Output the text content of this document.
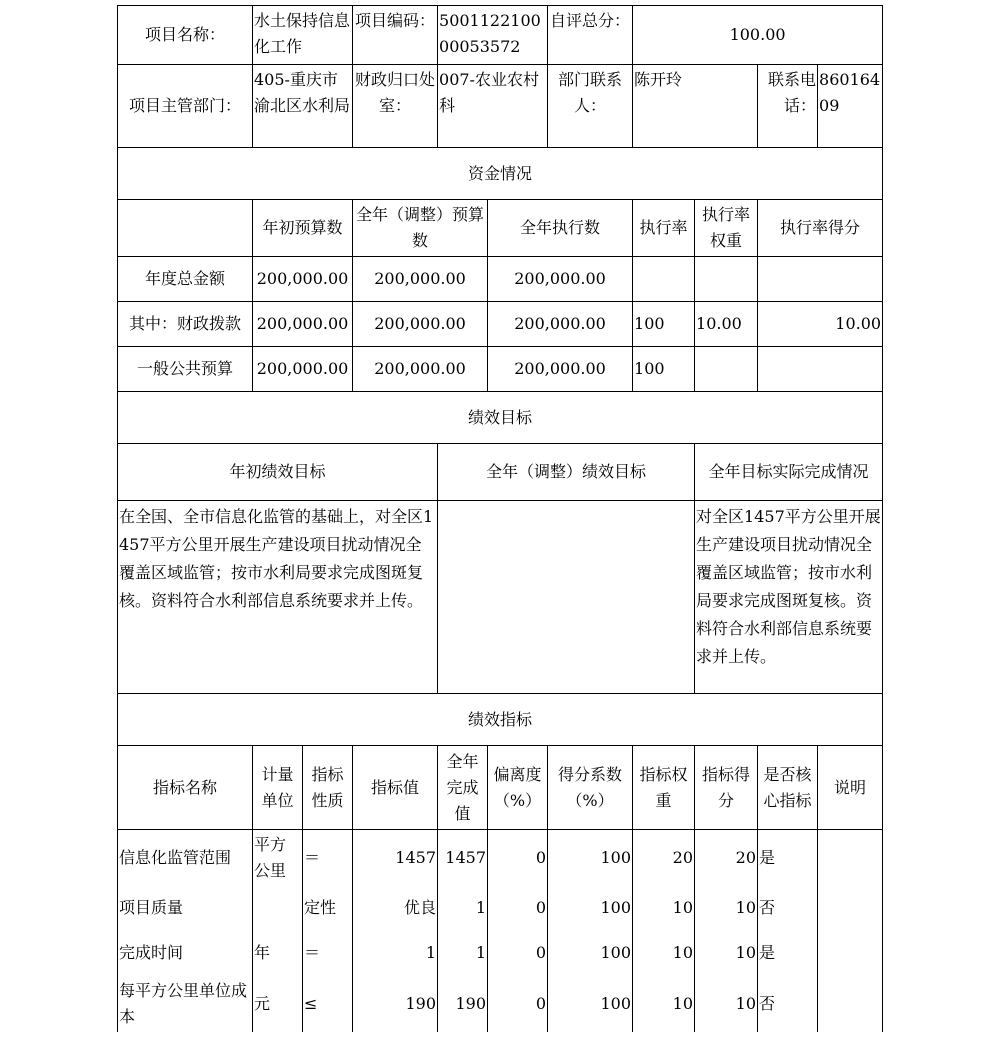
项目名称：	水土保持信息化工作		项目编码：	500112210000053572		自评总分：	100.00			
项目主管部门：	405-重庆市渝北区水利局		财政归口处室：	007-农业农村科		部门联系人：	陈开玲		联系电话：	86016409
资金情况										
	年初预算数		全年（调整）预算数		全年执行数		执行率	执行率权重	执行率得分	
年度总金额	200,000.00		200,000.00		200,000.00					
其中：财政拨款	200,000.00		200,000.00		200,000.00		100	10.00	10.00	
一般公共预算	200,000.00		200,000.00		200,000.00		100			
绩效目标										
年初绩效目标				全年（调整）绩效目标				全年目标实际完成情况		
在全国、全市信息化监管的基础上，对全区1457平方公里开展生产建设项目扰动情况全覆盖区域监管；按市水利局要求完成图斑复核。资料符合水利部信息系统要求并上传。								对全区1457平方公里开展生产建设项目扰动情况全覆盖区域监管；按市水利局要求完成图斑复核。资料符合水利部信息系统要求并上传。		
绩效指标										
指标名称	计量单位	指标性质	指标值	全年完成值	偏离度（%）	得分系数（%）	指标权重	指标得分	是否核心指标	说明
信息化监管范围	平方公里	＝	1457	1457	0	100	20	20	是	
项目质量		定性	优良	1	0	100	10	10	否	
完成时间	年	＝	1	1	0	100	10	10	是	
每平方公里单位成本	元	≤	190	190	0	100	10	10	否	
